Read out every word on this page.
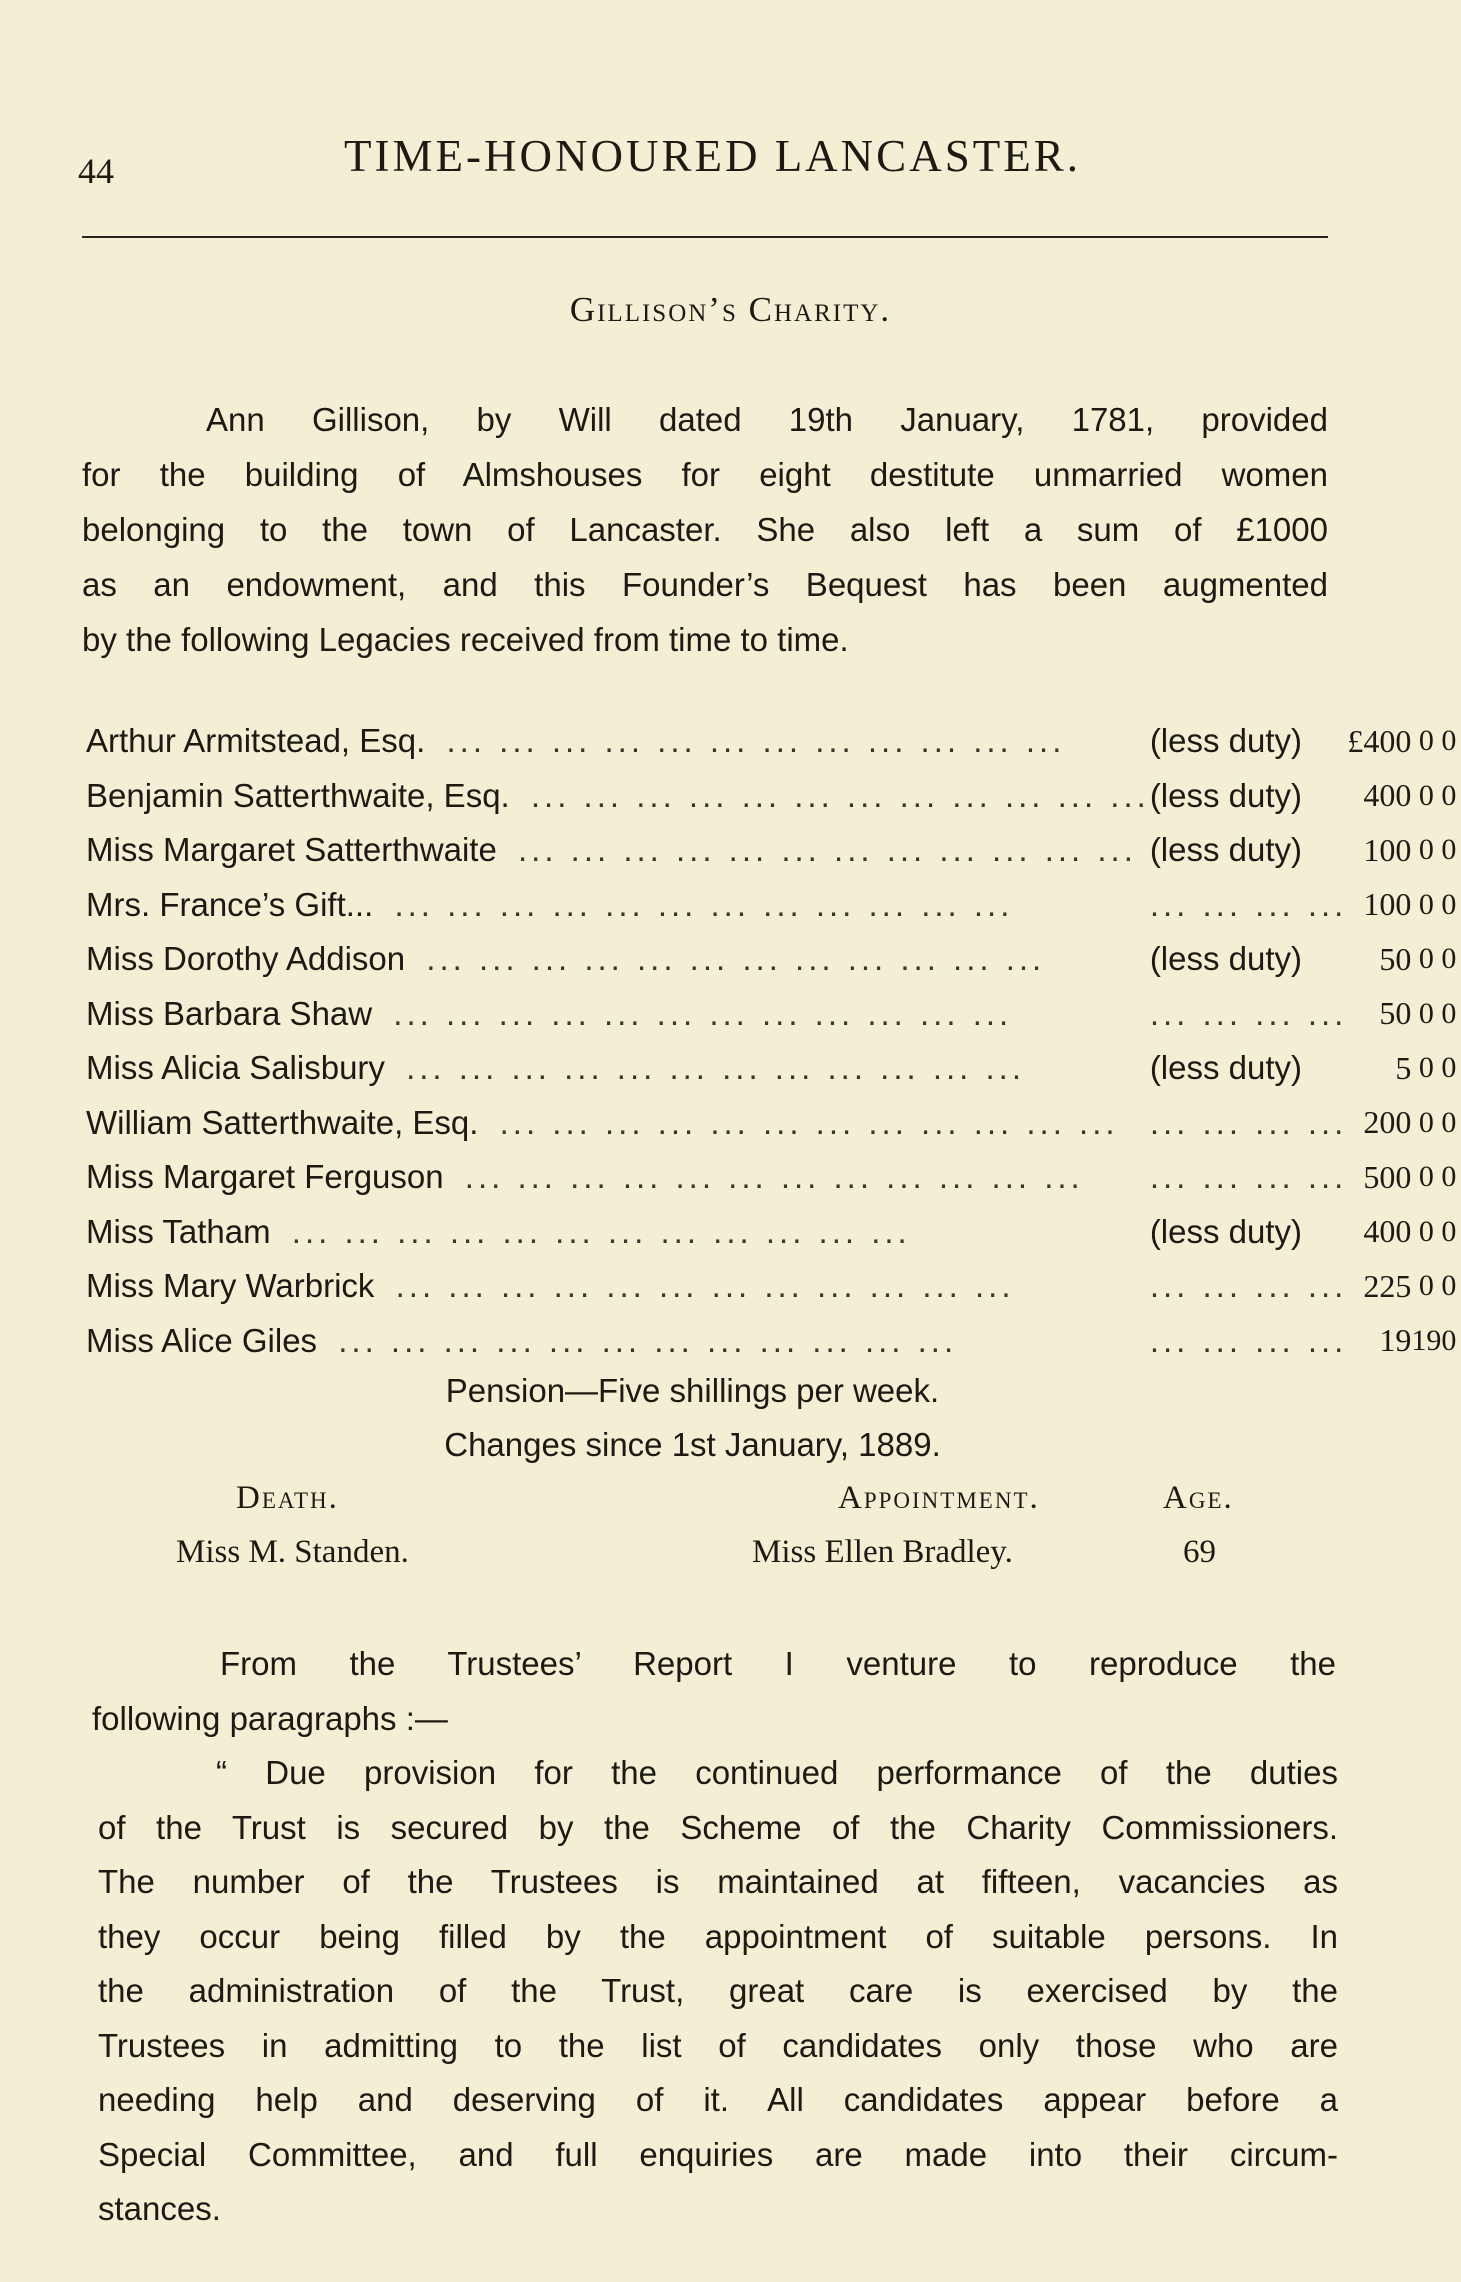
44	TIME-HONOURED LANCASTER.
Gillison’s Charity.
Ann Gillison, by Will dated 19th January, 1781, provided
for the building of Almshouses for eight destitute unmarried women
belonging to the town of Lancaster. She also left a sum of £1000
as an endowment, and this Founder’s Bequest has been augmented
by the following Legacies received from time to time.
Arthur Armitstead, Esq. ... ... ... ... ... ... ... ... ... ... ... ...	(less duty)	£400	0	0
Benjamin Satterthwaite, Esq. ... ... ... ... ... ... ... ... ... ... ... ...	(less duty)	400	0	0
Miss Margaret Satterthwaite ... ... ... ... ... ... ... ... ... ... ... ...	(less duty)	100	0	0
Mrs. France’s Gift... ... ... ... ... ... ... ... ... ... ... ... ...	... ... ... ...	100	0	0
Miss Dorothy Addison ... ... ... ... ... ... ... ... ... ... ... ...	(less duty)	50	0	0
Miss Barbara Shaw ... ... ... ... ... ... ... ... ... ... ... ...	... ... ... ...	50	0	0
Miss Alicia Salisbury ... ... ... ... ... ... ... ... ... ... ... ...	(less duty)	5	0	0
William Satterthwaite, Esq. ... ... ... ... ... ... ... ... ... ... ... ...	... ... ... ...	200	0	0
Miss Margaret Ferguson ... ... ... ... ... ... ... ... ... ... ... ...	... ... ... ...	500	0	0
Miss Tatham ... ... ... ... ... ... ... ... ... ... ... ...	(less duty)	400	0	0
Miss Mary Warbrick ... ... ... ... ... ... ... ... ... ... ... ...	... ... ... ...	225	0	0
Miss Alice Giles ... ... ... ... ... ... ... ... ... ... ... ...	... ... ... ...	19	19	0
Pension—Five shillings per week.
Changes since 1st January, 1889.
Death.	Appointment.	Age.
Miss M. Standen.	Miss Ellen Bradley.	69
From the Trustees’ Report I venture to reproduce the
following paragraphs :—
“ Due provision for the continued performance of the duties
of the Trust is secured by the Scheme of the Charity Commissioners.
The number of the Trustees is maintained at fifteen, vacancies as
they occur being filled by the appointment of suitable persons. In
the administration of the Trust, great care is exercised by the
Trustees in admitting to the list of candidates only those who are
needing help and deserving of it. All candidates appear before a
Special Committee, and full enquiries are made into their circum-
stances.
